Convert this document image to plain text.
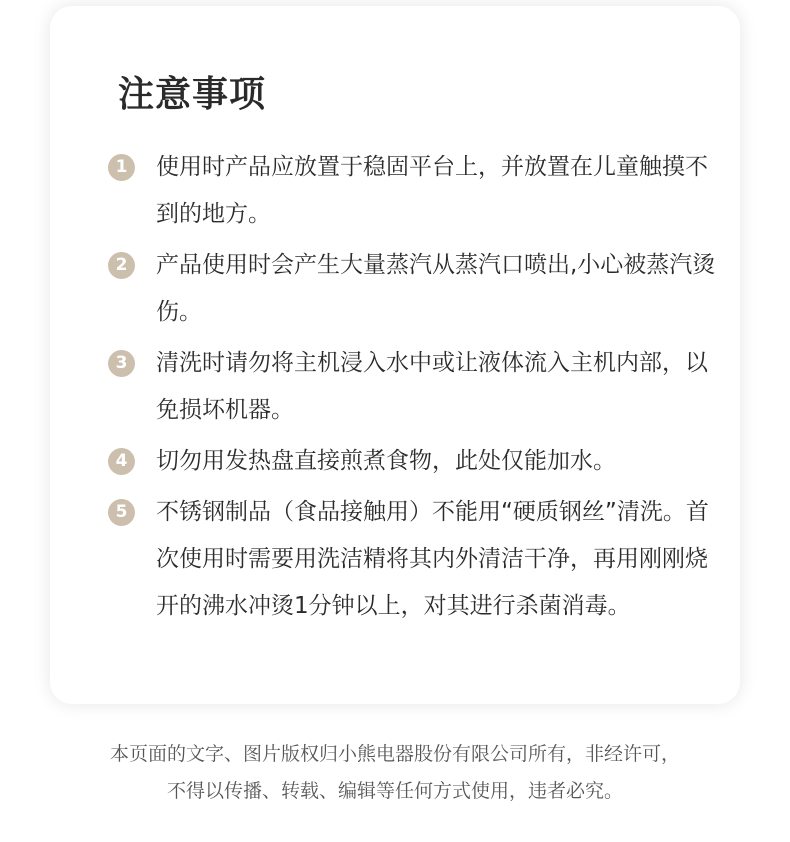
注意事项
1	使用时产品应放置于稳固平台上，并放置在儿童触摸不到的地方。
2	产品使用时会产生大量蒸汽从蒸汽口喷出,小心被蒸汽烫伤。
3	清洗时请勿将主机浸入水中或让液体流入主机内部，以免损坏机器。
4	切勿用发热盘直接煎煮食物，此处仅能加水。
5	不锈钢制品（食品接触用）不能用“硬质钢丝”清洗。首次使用时需要用洗洁精将其内外清洁干净，再用刚刚烧开的沸水冲烫1分钟以上，对其进行杀菌消毒。
本页面的文字、图片版权归小熊电器股份有限公司所有，非经许可，
不得以传播、转载、编辑等任何方式使用，违者必究。
